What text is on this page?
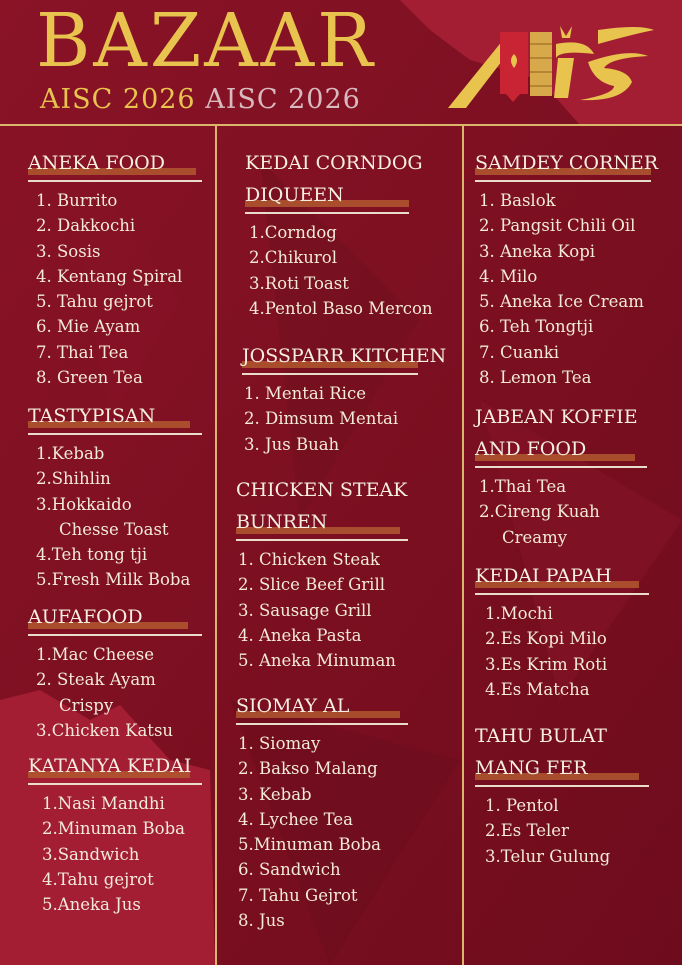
BAZAAR
AISC 2026 AISC 2026
ANEKA FOOD
1. Burrito
2. Dakkochi
3. Sosis
4. Kentang Spiral
5. Tahu gejrot
6. Mie Ayam
7. Thai Tea
8. Green Tea
TASTYPISAN
1.Kebab
2.Shihlin
3.Hokkaido
Chesse Toast
4.Teh tong tji
5.Fresh Milk Boba
AUFAFOOD
1.Mac Cheese
2. Steak Ayam
Crispy
3.Chicken Katsu
KATANYA KEDAI
1.Nasi Mandhi
2.Minuman Boba
3.Sandwich
4.Tahu gejrot
5.Aneka Jus
KEDAI CORNDOG
DIQUEEN
1.Corndog
2.Chikurol
3.Roti Toast
4.Pentol Baso Mercon
JOSSPARR KITCHEN
1. Mentai Rice
2. Dimsum Mentai
3. Jus Buah
CHICKEN STEAK
BUNREN
1. Chicken Steak
2. Slice Beef Grill
3. Sausage Grill
4. Aneka Pasta
5. Aneka Minuman
SIOMAY AL
1. Siomay
2. Bakso Malang
3. Kebab
4. Lychee Tea
5.Minuman Boba
6. Sandwich
7. Tahu Gejrot
8. Jus
SAMDEY CORNER
1. Baslok
2. Pangsit Chili Oil
3. Aneka Kopi
4. Milo
5. Aneka Ice Cream
6. Teh Tongtji
7. Cuanki
8. Lemon Tea
JABEAN KOFFIE
AND FOOD
1.Thai Tea
2.Cireng Kuah
Creamy
KEDAI PAPAH
1.Mochi
2.Es Kopi Milo
3.Es Krim Roti
4.Es Matcha
TAHU BULAT
MANG FER
1. Pentol
2.Es Teler
3.Telur Gulung
